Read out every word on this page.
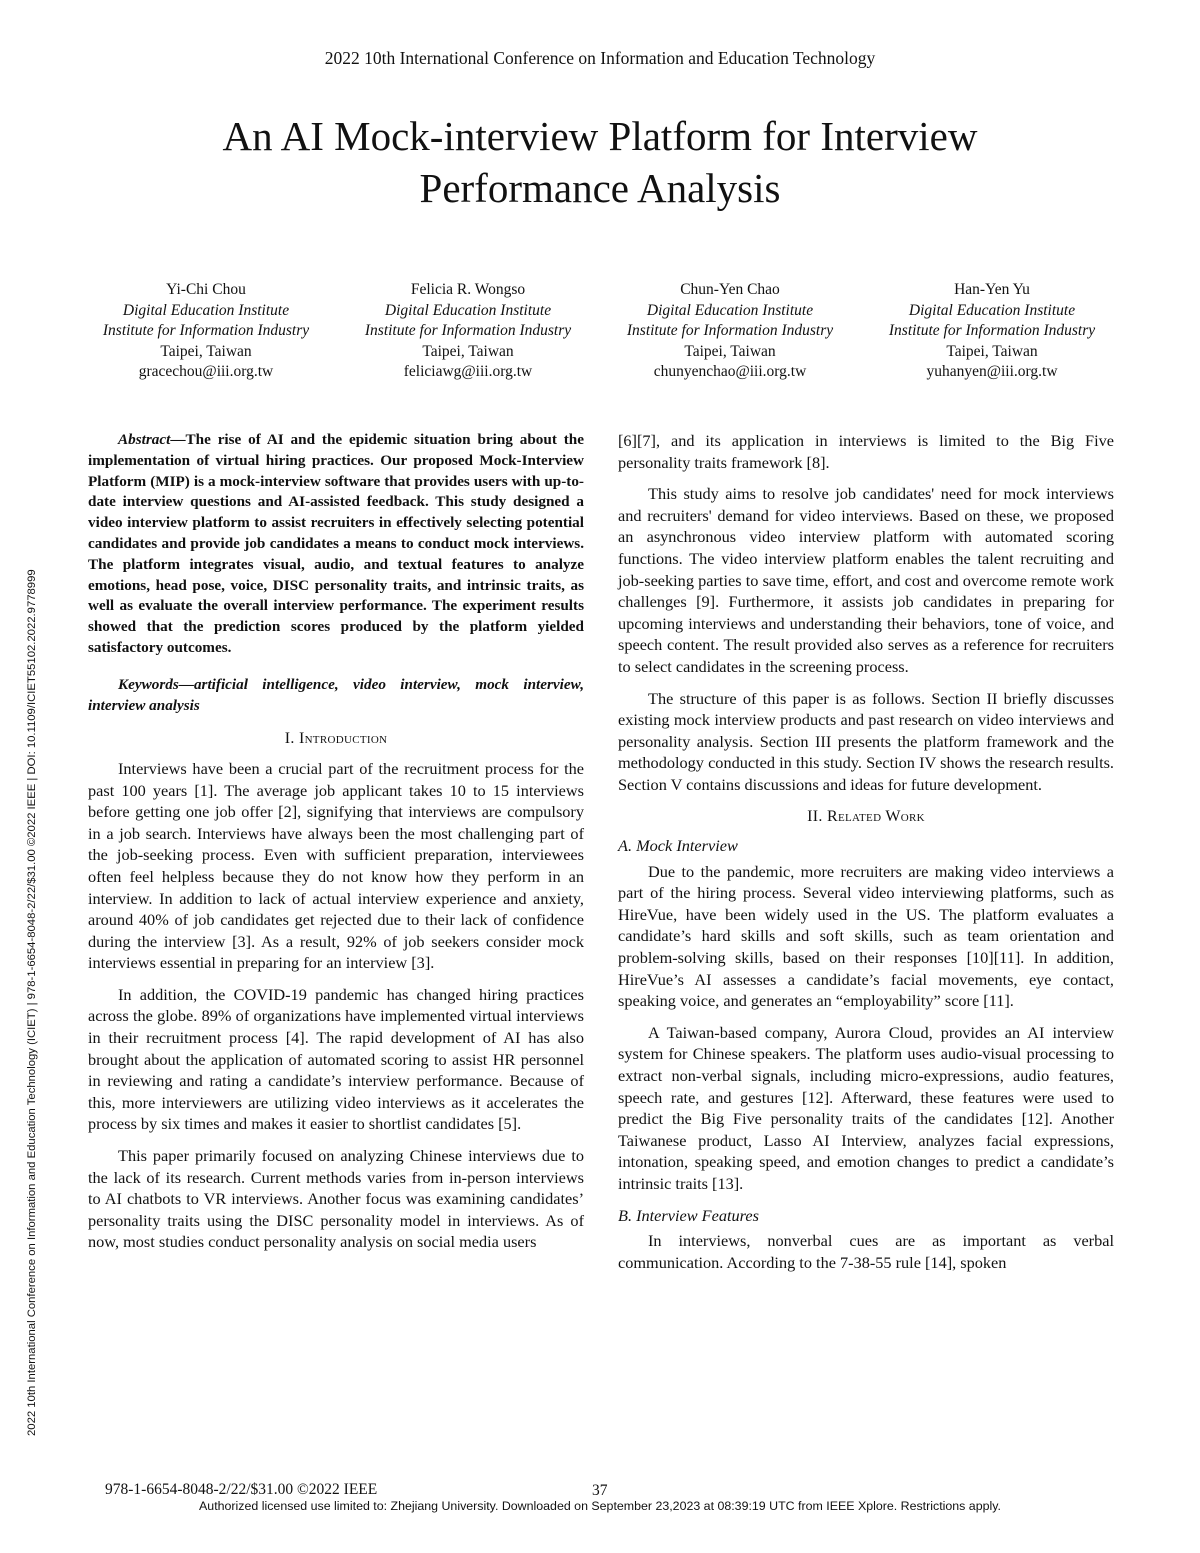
2022 10th International Conference on Information and Education Technology
An AI Mock-interview Platform for Interview
Performance Analysis
2022 10th International Conference on Information and Education Technology (ICIET) | 978-1-6654-8048-2/22/$31.00 ©2022 IEEE | DOI: 10.1109/ICIET55102.2022.9778999
Yi-Chi Chou
Digital Education Institute
Institute for Information Industry
Taipei, Taiwan
gracechou@iii.org.tw
Felicia R. Wongso
Digital Education Institute
Institute for Information Industry
Taipei, Taiwan
feliciawg@iii.org.tw
Chun-Yen Chao
Digital Education Institute
Institute for Information Industry
Taipei, Taiwan
chunyenchao@iii.org.tw
Han-Yen Yu
Digital Education Institute
Institute for Information Industry
Taipei, Taiwan
yuhanyen@iii.org.tw

Abstract—The rise of AI and the epidemic situation bring about the implementation of virtual hiring practices. Our proposed Mock-Interview Platform (MIP) is a mock-interview software that provides users with up-to-date interview questions and AI-assisted feedback. This study designed a video interview platform to assist recruiters in effectively selecting potential candidates and provide job candidates a means to conduct mock interviews. The platform integrates visual, audio, and textual features to analyze emotions, head pose, voice, DISC personality traits, and intrinsic traits, as well as evaluate the overall interview performance. The experiment results showed that the prediction scores produced by the platform yielded satisfactory outcomes.

Keywords—artificial intelligence, video interview, mock interview, interview analysis

I. Introduction

Interviews have been a crucial part of the recruitment process for the past 100 years [1]. The average job applicant takes 10 to 15 interviews before getting one job offer [2], signifying that interviews are compulsory in a job search. Interviews have always been the most challenging part of the job-seeking process. Even with sufficient preparation, interviewees often feel helpless because they do not know how they perform in an interview. In addition to lack of actual interview experience and anxiety, around 40% of job candidates get rejected due to their lack of confidence during the interview [3]. As a result, 92% of job seekers consider mock interviews essential in preparing for an interview [3].

In addition, the COVID-19 pandemic has changed hiring practices across the globe. 89% of organizations have implemented virtual interviews in their recruitment process [4]. The rapid development of AI has also brought about the application of automated scoring to assist HR personnel in reviewing and rating a candidate’s interview performance. Because of this, more interviewers are utilizing video interviews as it accelerates the process by six times and makes it easier to shortlist candidates [5].

This paper primarily focused on analyzing Chinese interviews due to the lack of its research. Current methods varies from in-person interviews to AI chatbots to VR interviews. Another focus was examining candidates’ personality traits using the DISC personality model in interviews. As of now, most studies conduct personality analysis on social media users

[6][7], and its application in interviews is limited to the Big Five personality traits framework [8].

This study aims to resolve job candidates' need for mock interviews and recruiters' demand for video interviews. Based on these, we proposed an asynchronous video interview platform with automated scoring functions. The video interview platform enables the talent recruiting and job-seeking parties to save time, effort, and cost and overcome remote work challenges [9]. Furthermore, it assists job candidates in preparing for upcoming interviews and understanding their behaviors, tone of voice, and speech content. The result provided also serves as a reference for recruiters to select candidates in the screening process.

The structure of this paper is as follows. Section II briefly discusses existing mock interview products and past research on video interviews and personality analysis. Section III presents the platform framework and the methodology conducted in this study. Section IV shows the research results. Section V contains discussions and ideas for future development.

II. Related Work

A. Mock Interview

Due to the pandemic, more recruiters are making video interviews a part of the hiring process. Several video interviewing platforms, such as HireVue, have been widely used in the US. The platform evaluates a candidate’s hard skills and soft skills, such as team orientation and problem-solving skills, based on their responses [10][11]. In addition, HireVue’s AI assesses a candidate’s facial movements, eye contact, speaking voice, and generates an “employability” score [11].

A Taiwan-based company, Aurora Cloud, provides an AI interview system for Chinese speakers. The platform uses audio-visual processing to extract non-verbal signals, including micro-expressions, audio features, speech rate, and gestures [12]. Afterward, these features were used to predict the Big Five personality traits of the candidates [12]. Another Taiwanese product, Lasso AI Interview, analyzes facial expressions, intonation, speaking speed, and emotion changes to predict a candidate’s intrinsic traits [13].

B. Interview Features

In interviews, nonverbal cues are as important as verbal communication. According to the 7-38-55 rule [14], spoken

978-1-6654-8048-2/22/$31.00 ©2022 IEEE	37
Authorized licensed use limited to: Zhejiang University. Downloaded on September 23,2023 at 08:39:19 UTC from IEEE Xplore. Restrictions apply.
